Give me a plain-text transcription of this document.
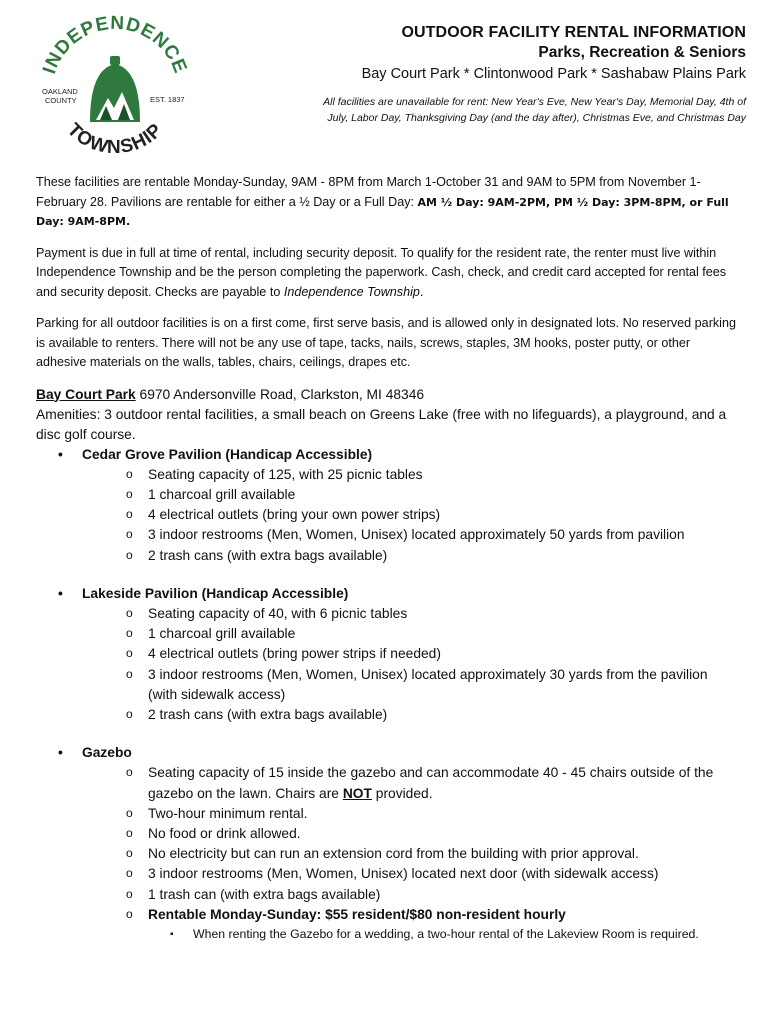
INDEPENDENCE
TOWNSHIP
OAKLAND
COUNTY	EST. 1837
OUTDOOR FACILITY RENTAL INFORMATION
Parks, Recreation & Seniors
Bay Court Park * Clintonwood Park * Sashabaw Plains Park
All facilities are unavailable for rent: New Year's Eve, New Year's Day, Memorial Day, 4th of
July, Labor Day, Thanksgiving Day (and the day after), Christmas Eve, and Christmas Day

These facilities are rentable Monday-Sunday, 9AM - 8PM from March 1-October 31 and 9AM to 5PM from November 1-February 28. Pavilions are rentable for either a ½ Day or a Full Day: AM ½ Day: 9AM-2PM, PM ½ Day: 3PM-8PM, or Full Day: 9AM-8PM.

Payment is due in full at time of rental, including security deposit. To qualify for the resident rate, the renter must live within Independence Township and be the person completing the paperwork. Cash, check, and credit card accepted for rental fees and security deposit. Checks are payable to Independence Township.

Parking for all outdoor facilities is on a first come, first serve basis, and is allowed only in designated lots. No reserved parking is available to renters. There will not be any use of tape, tacks, nails, screws, staples, 3M hooks, poster putty, or other adhesive materials on the walls, tables, chairs, ceilings, drapes etc.

Bay Court Park 6970 Andersonville Road, Clarkston, MI 48346
Amenities: 3 outdoor rental facilities, a small beach on Greens Lake (free with no lifeguards), a playground, and a disc golf course.
• Cedar Grove Pavilion (Handicap Accessible)
o Seating capacity of 125, with 25 picnic tables
o 1 charcoal grill available
o 4 electrical outlets (bring your own power strips)
o 3 indoor restrooms (Men, Women, Unisex) located approximately 50 yards from pavilion
o 2 trash cans (with extra bags available)
• Lakeside Pavilion (Handicap Accessible)
o Seating capacity of 40, with 6 picnic tables
o 1 charcoal grill available
o 4 electrical outlets (bring power strips if needed)
o 3 indoor restrooms (Men, Women, Unisex) located approximately 30 yards from the pavilion (with sidewalk access)
o 2 trash cans (with extra bags available)
• Gazebo
o Seating capacity of 15 inside the gazebo and can accommodate 40 - 45 chairs outside of the gazebo on the lawn. Chairs are NOT provided.
o Two-hour minimum rental.
o No food or drink allowed.
o No electricity but can run an extension cord from the building with prior approval.
o 3 indoor restrooms (Men, Women, Unisex) located next door (with sidewalk access)
o 1 trash can (with extra bags available)
o Rentable Monday-Sunday: $55 resident/$80 non-resident hourly
▪ When renting the Gazebo for a wedding, a two-hour rental of the Lakeview Room is required.
